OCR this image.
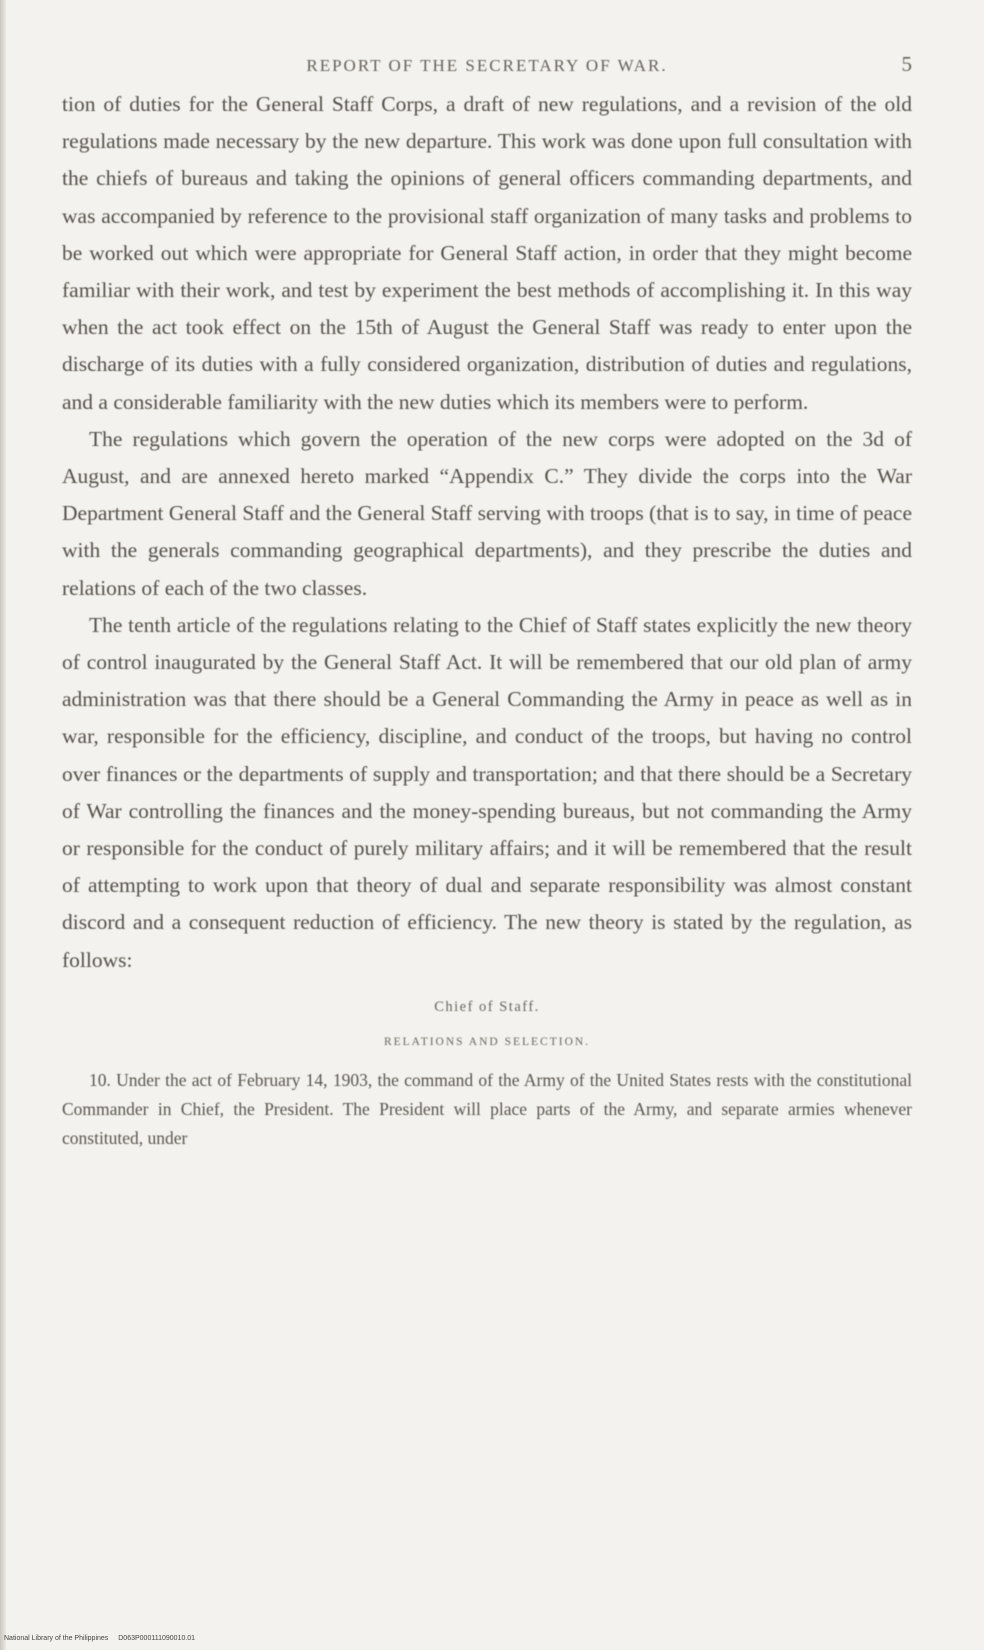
REPORT OF THE SECRETARY OF WAR.	5

tion of duties for the General Staff Corps, a draft of new regulations, and a revision of the old regulations made necessary by the new departure. This work was done upon full consultation with the chiefs of bureaus and taking the opinions of general officers commanding departments, and was accompanied by reference to the provisional staff organization of many tasks and problems to be worked out which were appropriate for General Staff action, in order that they might become familiar with their work, and test by experiment the best methods of accomplishing it. In this way when the act took effect on the 15th of August the General Staff was ready to enter upon the discharge of its duties with a fully considered organization, distribution of duties and regulations, and a considerable familiarity with the new duties which its members were to perform.

The regulations which govern the operation of the new corps were adopted on the 3d of August, and are annexed hereto marked “Appendix C.” They divide the corps into the War Department General Staff and the General Staff serving with troops (that is to say, in time of peace with the generals commanding geographical departments), and they prescribe the duties and relations of each of the two classes.

The tenth article of the regulations relating to the Chief of Staff states explicitly the new theory of control inaugurated by the General Staff Act. It will be remembered that our old plan of army administration was that there should be a General Commanding the Army in peace as well as in war, responsible for the efficiency, discipline, and conduct of the troops, but having no control over finances or the departments of supply and transportation; and that there should be a Secretary of War controlling the finances and the money-spending bureaus, but not commanding the Army or responsible for the conduct of purely military affairs; and it will be remembered that the result of attempting to work upon that theory of dual and separate responsibility was almost constant discord and a consequent reduction of efficiency. The new theory is stated by the regulation, as follows:

Chief of Staff.
RELATIONS AND SELECTION.

10. Under the act of February 14, 1903, the command of the Army of the United States rests with the constitutional Commander in Chief, the President. The President will place parts of the Army, and separate armies whenever constituted, under

National Library of the Philippines D063P000111090010.01
